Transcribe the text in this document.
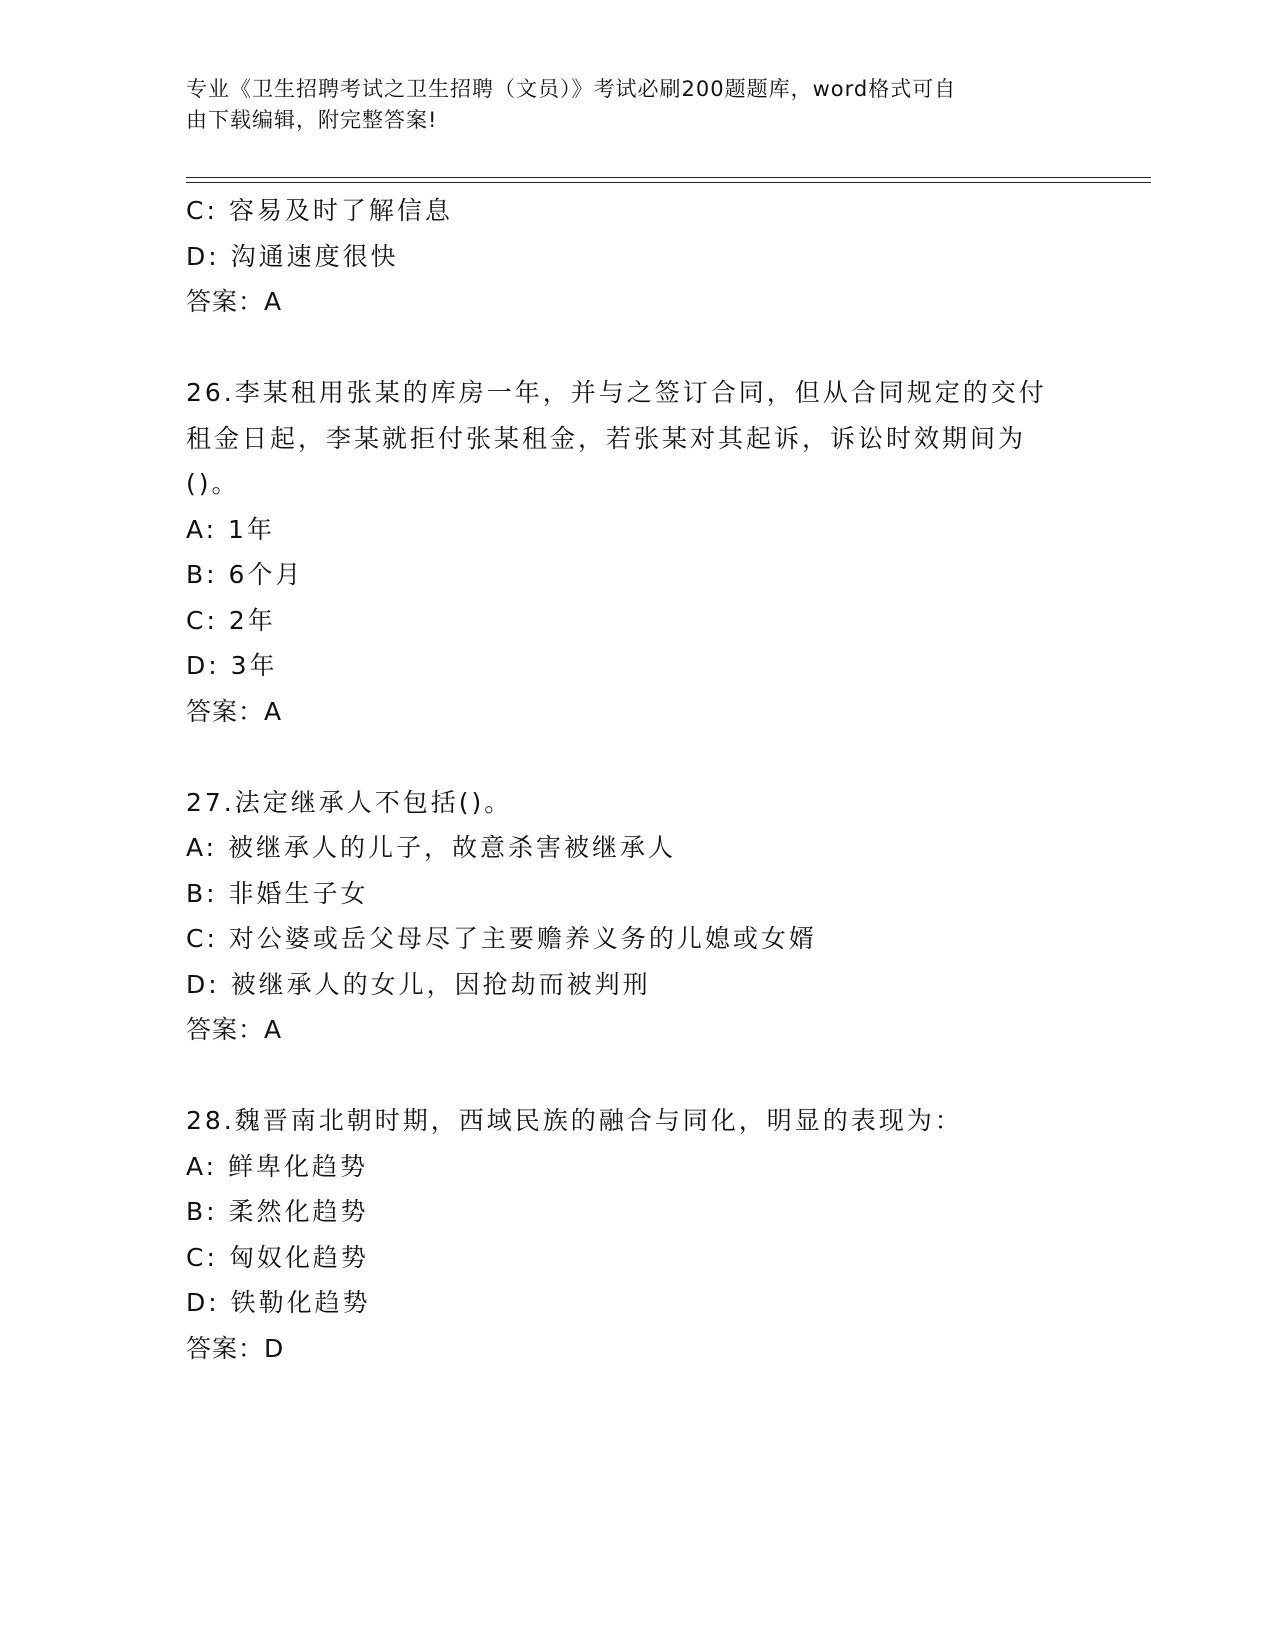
专业《卫生招聘考试之卫生招聘（文员）》考试必刷200题题库，word格式可自
由下载编辑，附完整答案!
C: 容易及时了解信息
D: 沟通速度很快
答案：A
26.李某租用张某的库房一年，并与之签订合同，但从合同规定的交付
租金日起，李某就拒付张某租金，若张某对其起诉，诉讼时效期间为
()。
A: 1年
B: 6个月
C: 2年
D: 3年
答案：A
27.法定继承人不包括()。
A: 被继承人的儿子，故意杀害被继承人
B: 非婚生子女
C: 对公婆或岳父母尽了主要赡养义务的儿媳或女婿
D: 被继承人的女儿，因抢劫而被判刑
答案：A
28.魏晋南北朝时期，西域民族的融合与同化，明显的表现为：
A: 鲜卑化趋势
B: 柔然化趋势
C: 匈奴化趋势
D: 铁勒化趋势
答案：D
